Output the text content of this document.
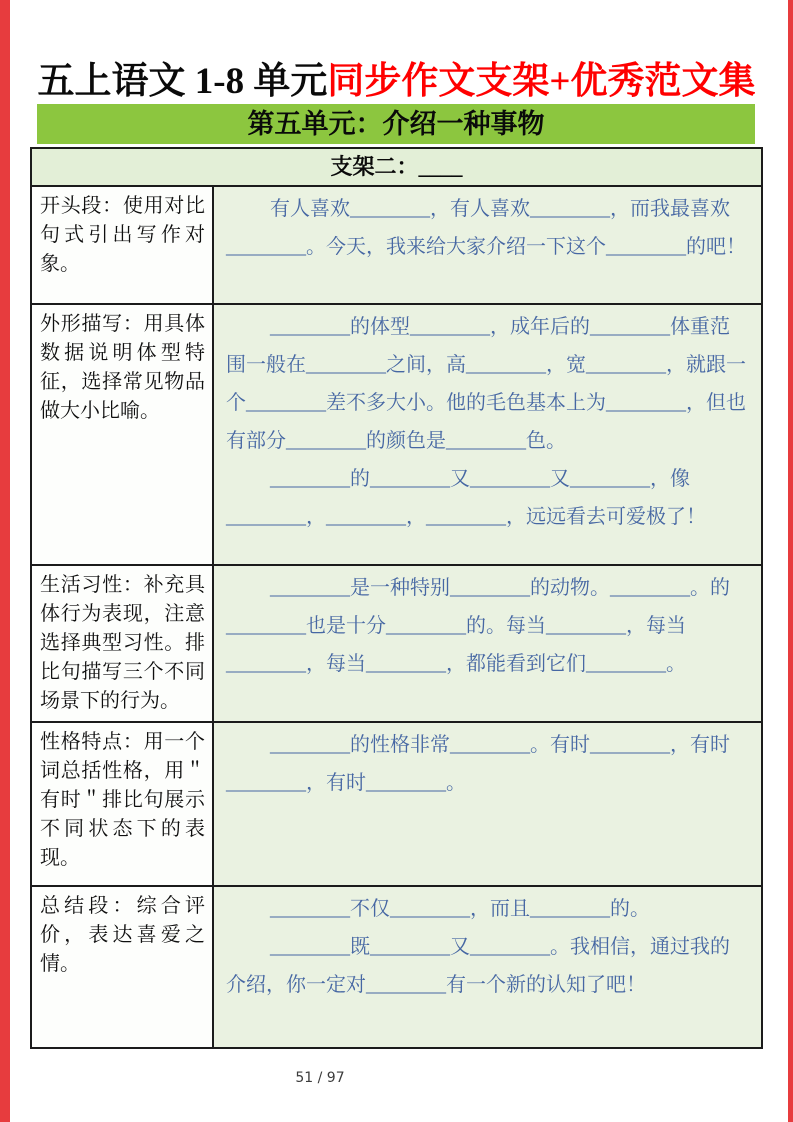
五上语文 1-8 单元同步作文支架+优秀范文集
第五单元：介绍一种事物
支架二：____
开头段：使用对比句式引出写作对象。

有人喜欢________，有人喜欢________，而我最喜欢________。今天，我来给大家介绍一下这个________的吧！

外形描写：用具体数据说明体型特征，选择常见物品做大小比喻。

________的体型________，成年后的________体重范围一般在________之间，高________，宽________，就跟一个________差不多大小。他的毛色基本上为________，但也有部分________的颜色是________色。

________的________又________又________，像________，________，________，远远看去可爱极了！

生活习性：补充具体行为表现，注意选择典型习性。排比句描写三个不同场景下的行为。

________是一种特别________的动物。________。的________也是十分________的。每当________，每当________，每当________，都能看到它们________。

性格特点：用一个词总括性格，用＂有时＂排比句展示不同状态下的表现。

________的性格非常________。有时________，有时________，有时________。

总结段：综合评价，表达喜爱之情。

________不仅________，而且________的。

________既________又________。我相信，通过我的介绍，你一定对________有一个新的认知了吧！

51 / 97
